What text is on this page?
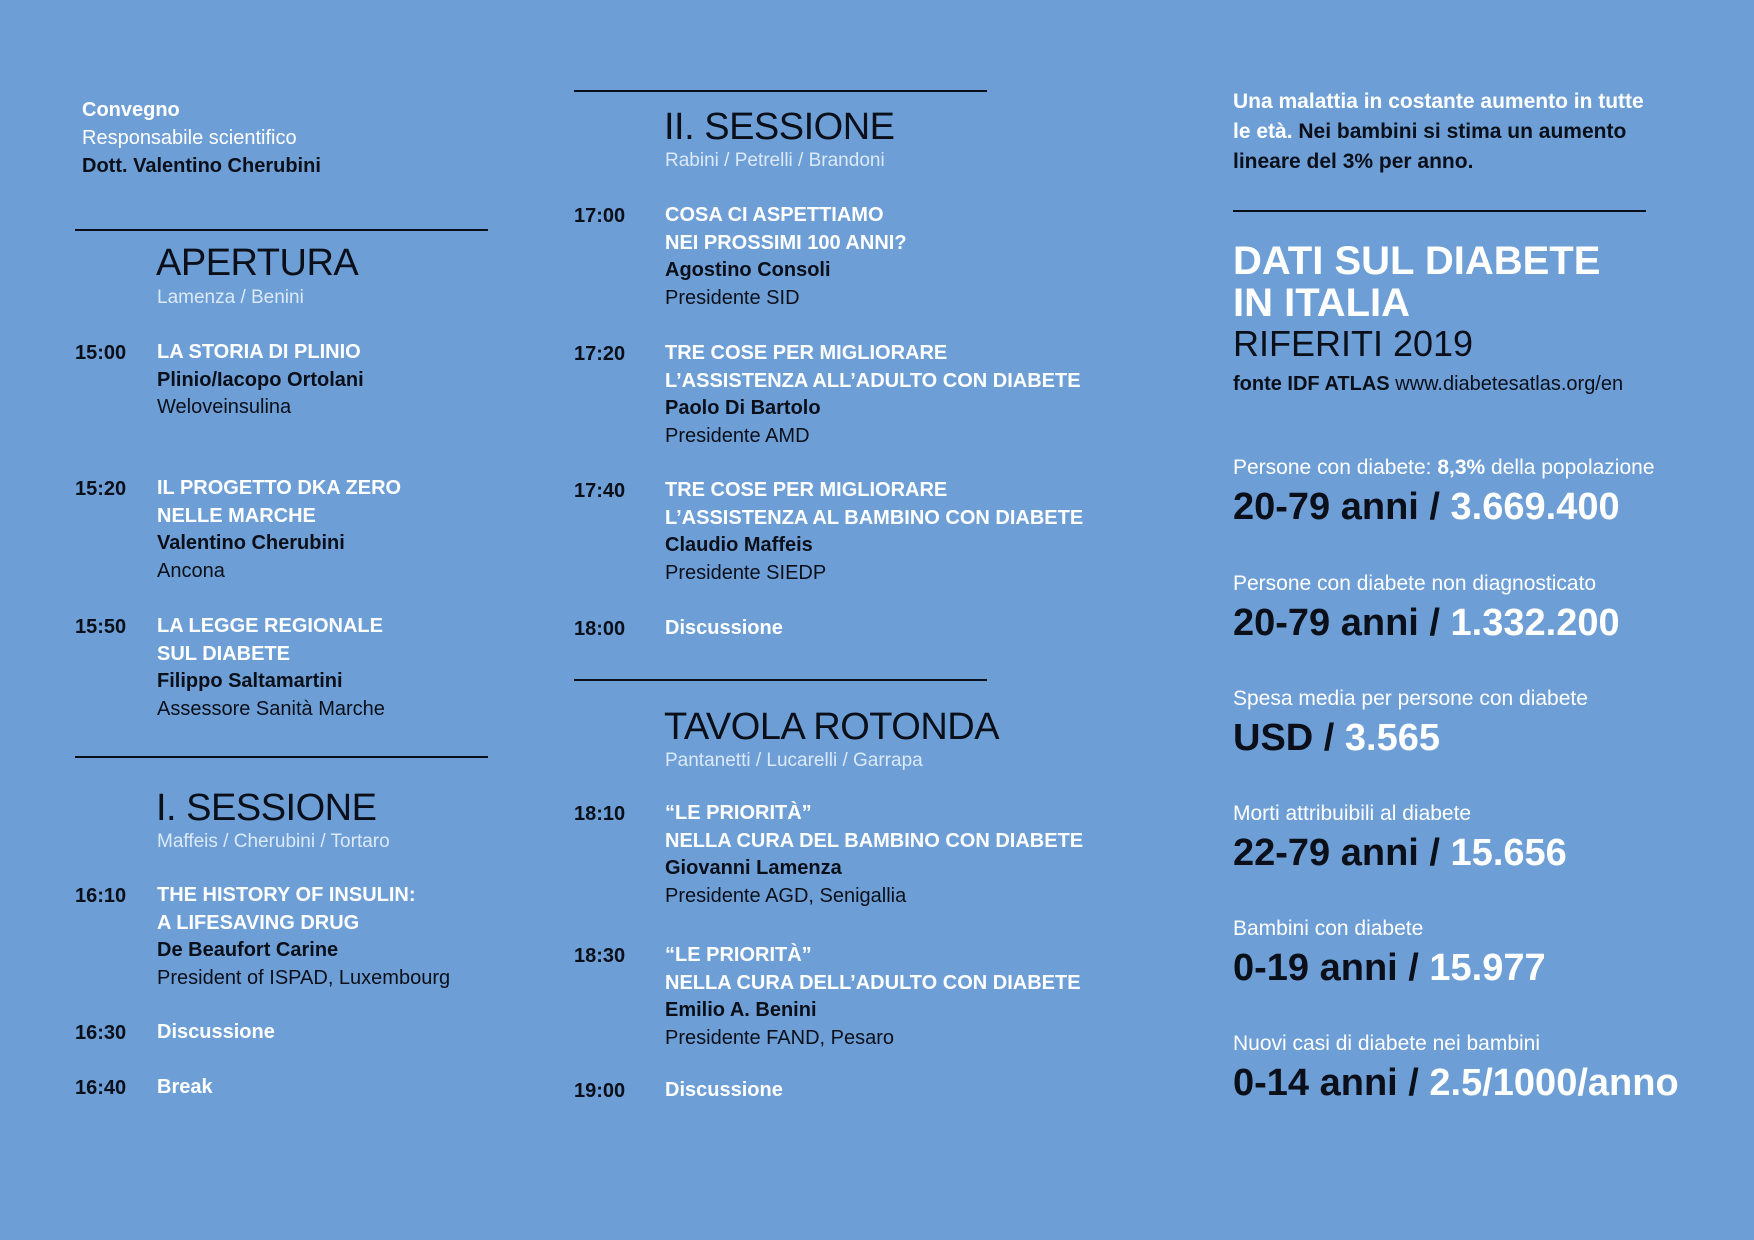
Convegno
Responsabile scientifico
Dott. Valentino Cherubini
APERTURA
Lamenza / Benini
15:00 LA STORIA DI PLINIO
Plinio/Iacopo Ortolani
Weloveinsulina
15:20 IL PROGETTO DKA ZERO
NELLE MARCHE
Valentino Cherubini
Ancona
15:50 LA LEGGE REGIONALE
SUL DIABETE
Filippo Saltamartini
Assessore Sanità Marche
I. SESSIONE
Maffeis / Cherubini / Tortaro
16:10 THE HISTORY OF INSULIN:
A LIFESAVING DRUG
De Beaufort Carine
President of ISPAD, Luxembourg
16:30 Discussione
16:40 Break
II. SESSIONE
Rabini / Petrelli / Brandoni
17:00 COSA CI ASPETTIAMO
NEI PROSSIMI 100 ANNI?
Agostino Consoli
Presidente SID
17:20 TRE COSE PER MIGLIORARE
L’ASSISTENZA ALL’ADULTO CON DIABETE
Paolo Di Bartolo
Presidente AMD
17:40 TRE COSE PER MIGLIORARE
L’ASSISTENZA AL BAMBINO CON DIABETE
Claudio Maffeis
Presidente SIEDP
18:00 Discussione
TAVOLA ROTONDA
Pantanetti / Lucarelli / Garrapa
18:10 “LE PRIORITÀ”
NELLA CURA DEL BAMBINO CON DIABETE
Giovanni Lamenza
Presidente AGD, Senigallia
18:30 “LE PRIORITÀ”
NELLA CURA DELL’ADULTO CON DIABETE
Emilio A. Benini
Presidente FAND, Pesaro
19:00 Discussione
Una malattia in costante aumento in tutte le età. Nei bambini si stima un aumento lineare del 3% per anno.
DATI SUL DIABETE
IN ITALIA
RIFERITI 2019
fonte IDF ATLAS www.diabetesatlas.org/en
Persone con diabete: 8,3% della popolazione
20-79 anni / 3.669.400
Persone con diabete non diagnosticato
20-79 anni / 1.332.200
Spesa media per persone con diabete
USD / 3.565
Morti attribuibili al diabete
22-79 anni / 15.656
Bambini con diabete
0-19 anni / 15.977
Nuovi casi di diabete nei bambini
0-14 anni / 2.5/1000/anno
